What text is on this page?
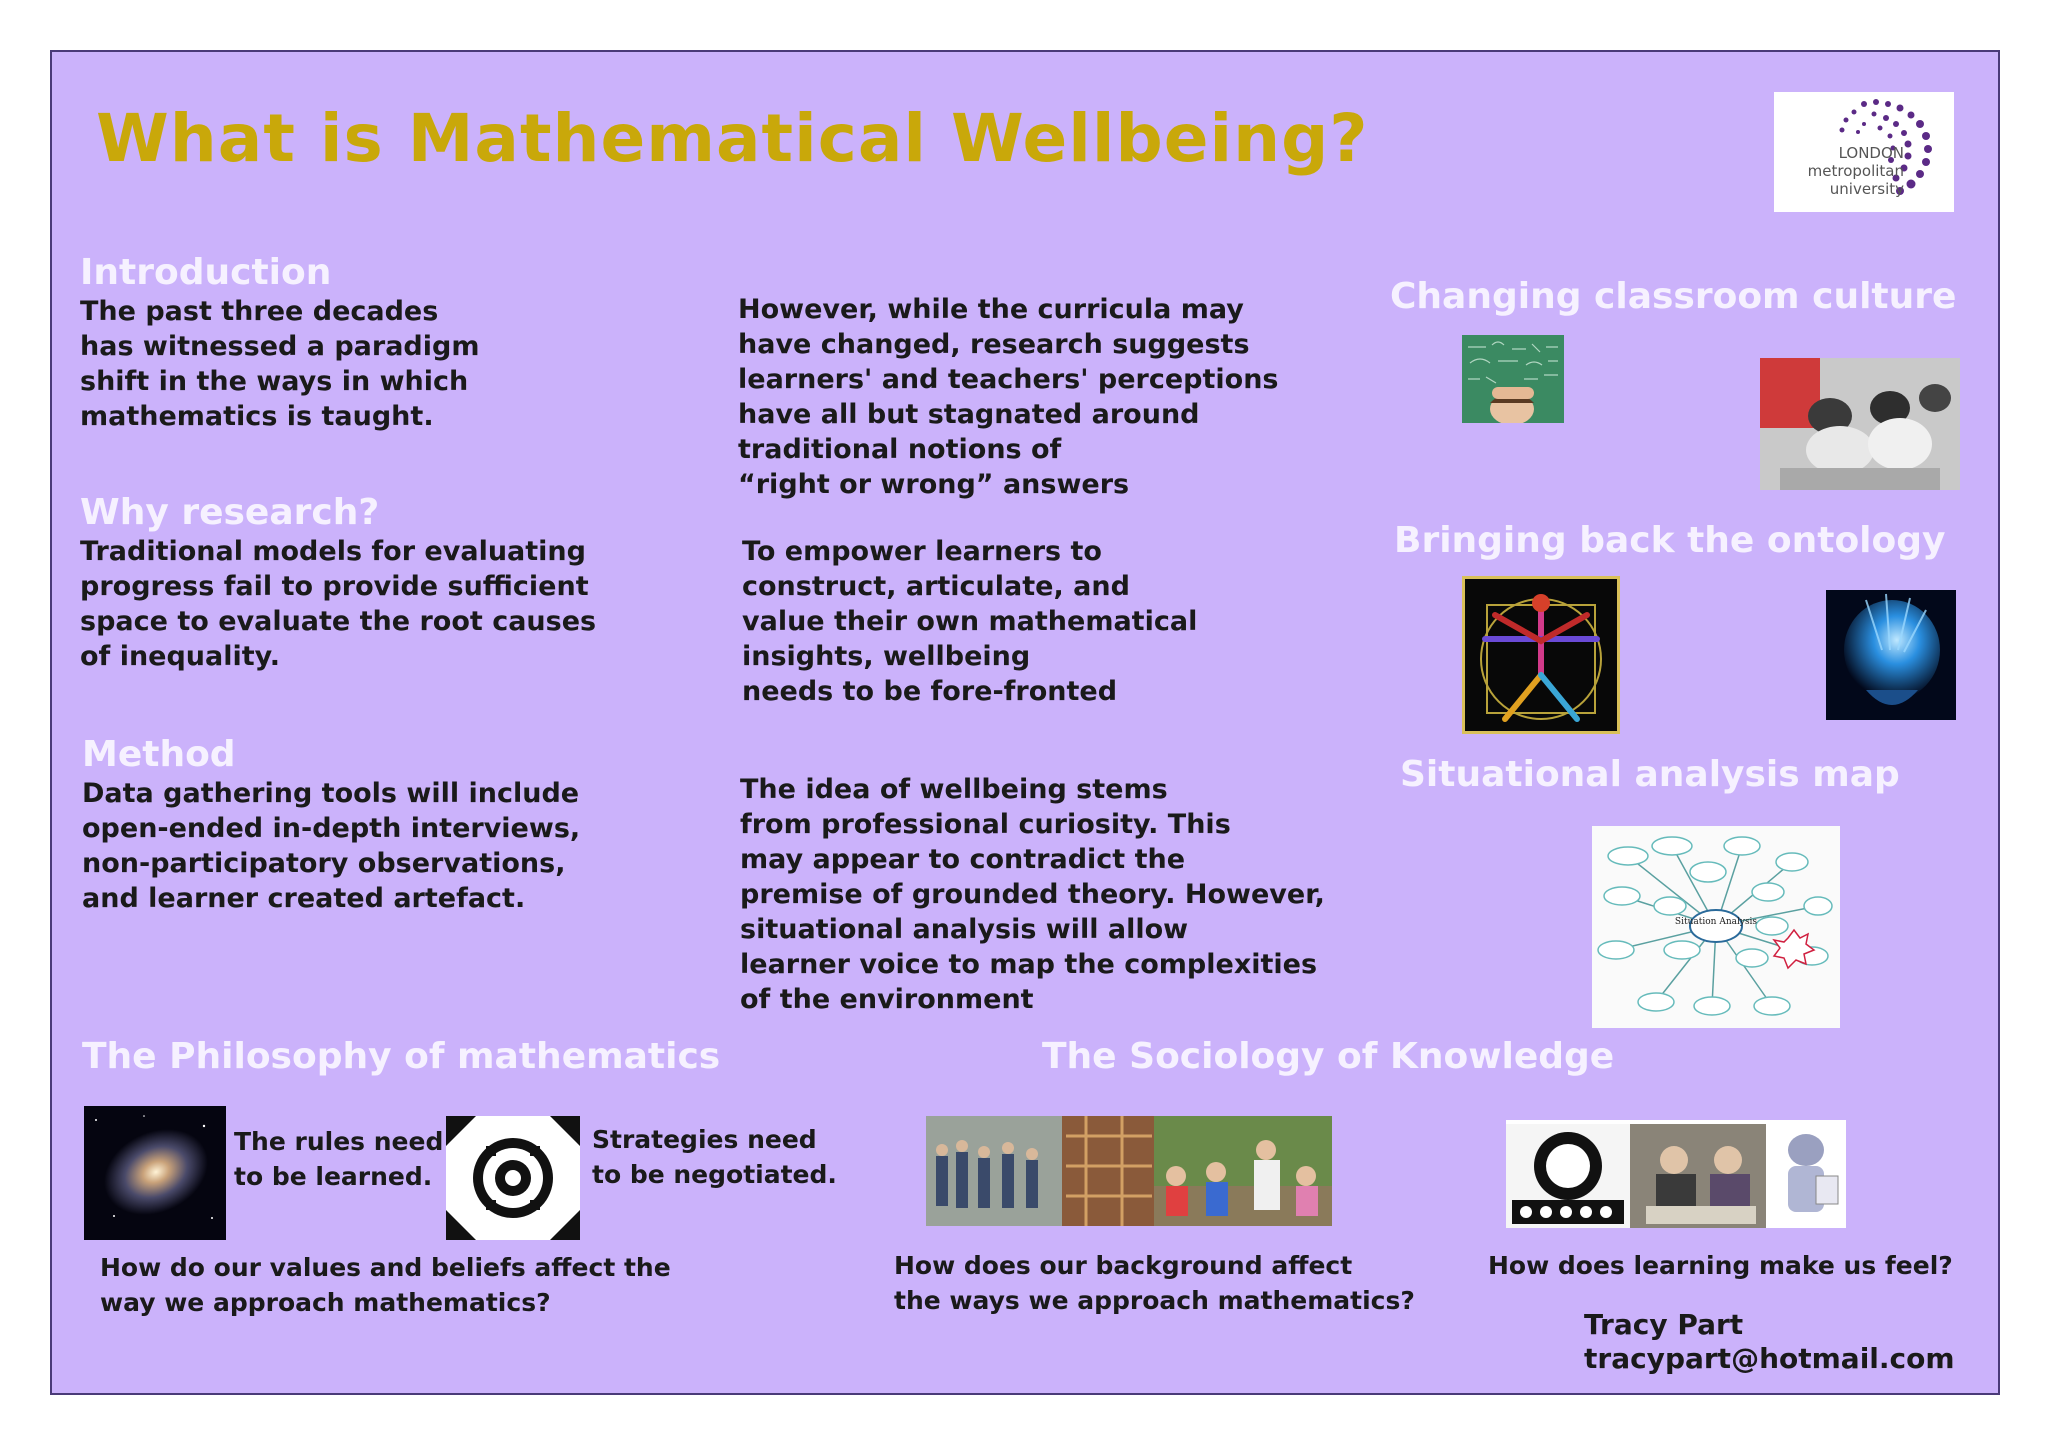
What is Mathematical Wellbeing?	LONDON
metropolitan
university
Introduction
The past three decades
has witnessed a paradigm
shift in the ways in which
mathematics is taught.
Why research?
Traditional models for evaluating
progress fail to provide sufficient
space to evaluate the root causes
of inequality.
Method
Data gathering tools will include
open-ended in-depth interviews,
non-participatory observations,
and learner created artefact.
However, while the curricula may
have changed, research suggests
learners' and teachers' perceptions
have all but stagnated around
traditional notions of
“right or wrong” answers
To empower learners to
construct, articulate, and
value their own mathematical
insights, wellbeing
needs to be fore-fronted
The idea of wellbeing stems
from professional curiosity. This
may appear to contradict the
premise of grounded theory. However,
situational analysis will allow
learner voice to map the complexities
of the environment
Changing classroom culture
Bringing back the ontology
Situational analysis map
Situation Analysis
The Philosophy of mathematics
The rules need
to be learned.
Strategies need
to be negotiated.
How do our values and beliefs affect the
way we approach mathematics?
The Sociology of Knowledge
How does our background affect
the ways we approach mathematics?
How does learning make us feel?
Tracy Part
tracypart@hotmail.com
